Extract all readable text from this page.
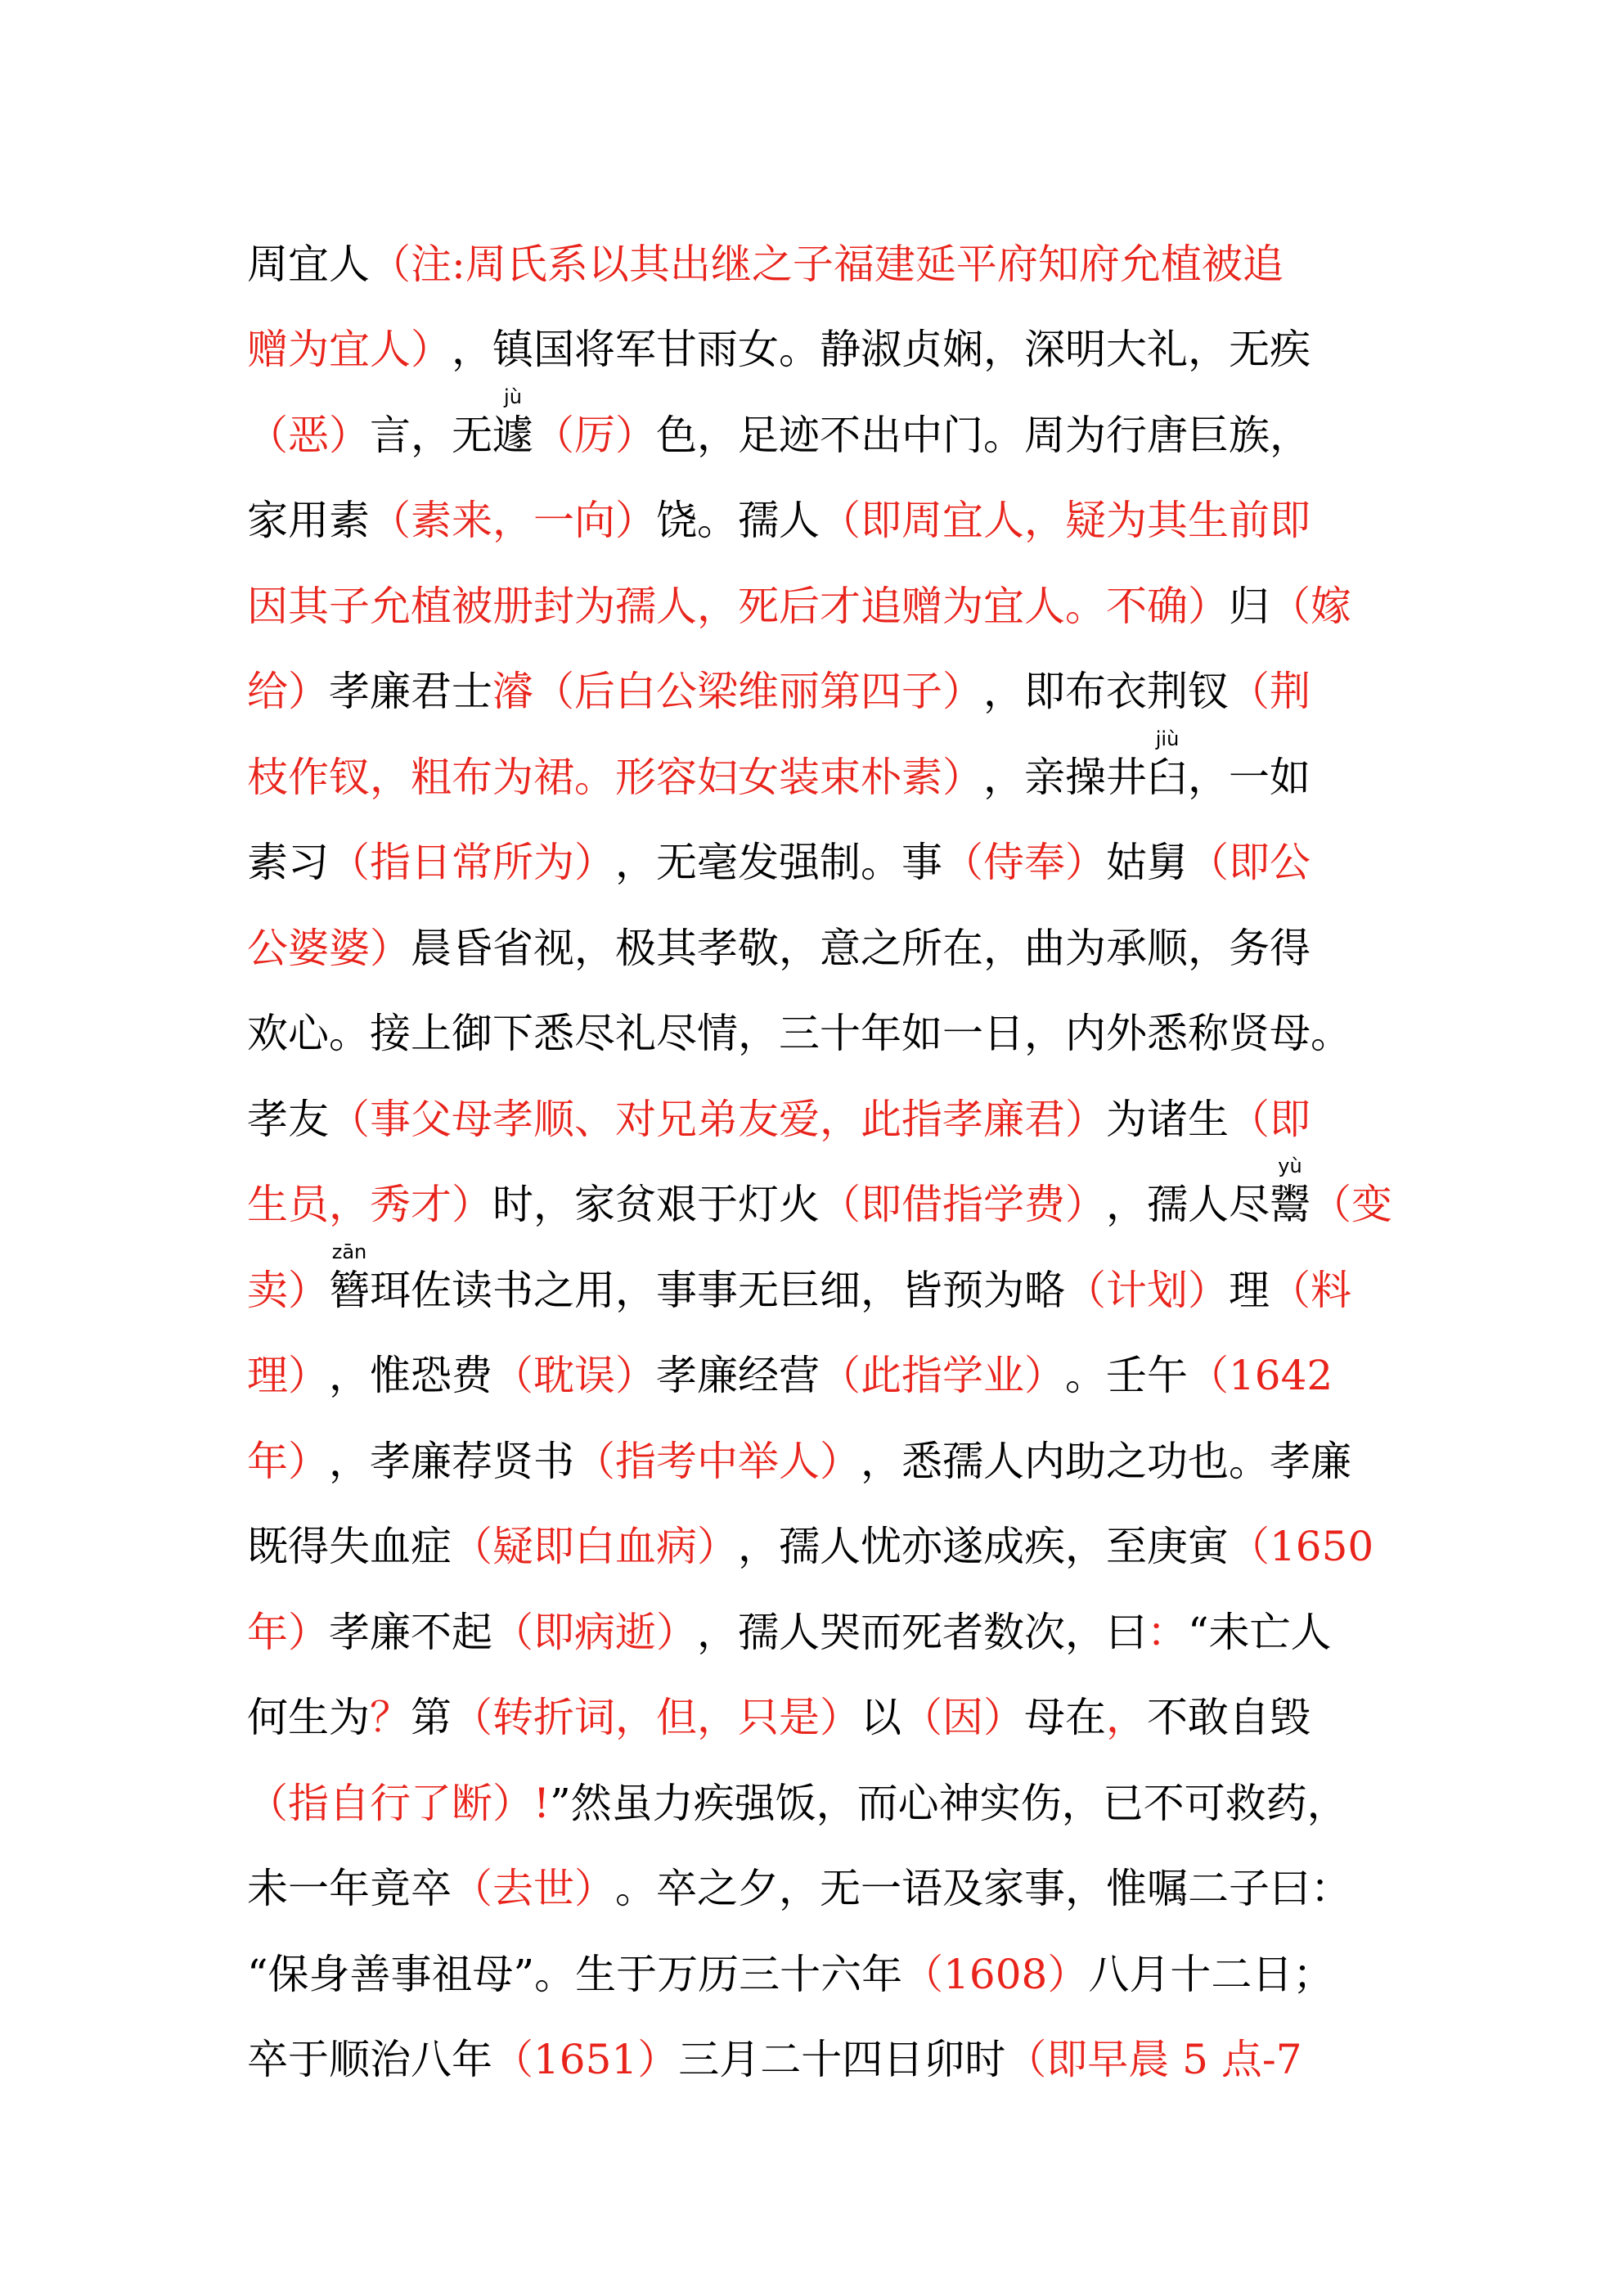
周宜人 （注:周氏系以其出继之子福建延平府知府允植被追
赠为宜人） ，镇国将军甘雨女。静淑贞娴，深明大礼，无疾
（恶） 言，无
jù
遽 （厉） 色，足迹不出中门。周为行唐巨族，
家用素 （素来，一向） 饶。孺人 （即周宜人，疑为其生前即
因其子允植被册封为孺人，死后才追赠为宜人。不确） 归 （嫁
给） 孝廉君士 濬 （后白公梁维丽第四子） ，即布衣荆钗 （荆
枝作钗，粗布为裙。形容妇女装束朴素） ，亲操井
jiù
臼 ，一如
素习 （指日常所为） ，无毫发强制。事 （侍奉） 姑舅 （即公
公婆婆） 晨昏省视，极其孝敬，意之所在，曲为承顺，务得
欢心。接上御下悉尽礼尽情，三十年如一日，内外悉称贤母。
孝友 （事父母孝顺、对兄弟友爱，此指孝廉君） 为诸生 （即
生员，秀才） 时，家贫艰于灯火 （即借指学费） ，孺人尽
yù
鬻 （变
卖）
zān
簪 珥佐读书之用，事事无巨细，皆预为略 （计划） 理 （料
理） ，惟恐费 （耽误） 孝廉经营 （此指学业） 。壬午 （1642
年） ，孝廉荐贤书 （指考中举人） ，悉孺人内助之功也。孝廉
既得失血症 （疑即白血病） ，孺人忧亦遂成疾，至庚寅 （1650
年） 孝廉不起 （即病逝） ，孺人哭而死者数次，曰 ： “未亡人
何生为 ？ 第 （转折词，但，只是） 以 （因） 母在 ， 不敢自毁
（指自行了断）! ”然虽力疾强饭，而心神实伤，已不可救药，
未一年竟卒 （去世） 。卒之夕，无一语及家事，惟嘱二子曰：
“保身善事祖母”。生于万历三十六年 （1608） 八月十二日；
卒于顺治八年 （1651） 三月二十四日卯时 （即早晨 5 点-7
